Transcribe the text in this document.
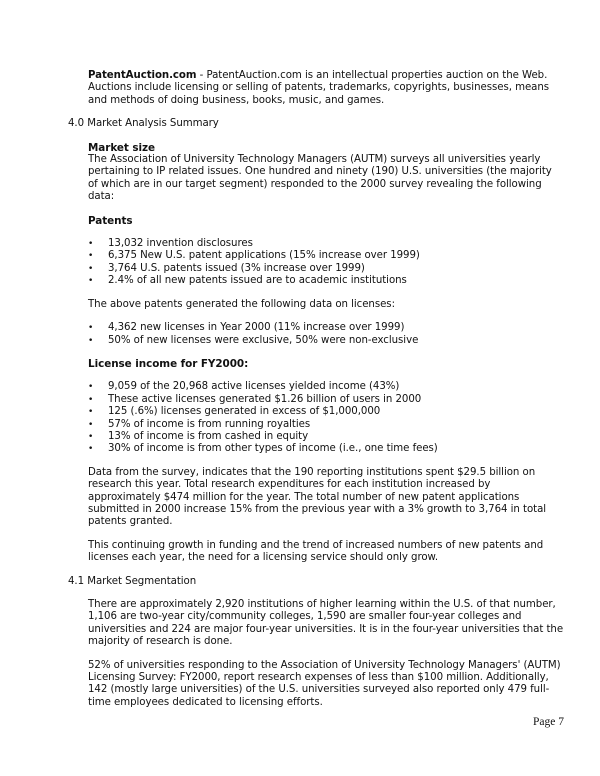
PatentAuction.com - PatentAuction.com is an intellectual properties auction on the Web. Auctions include licensing or selling of patents, trademarks, copyrights, businesses, means and methods of doing business, books, music, and games.

4.0 Market Analysis Summary

Market size

The Association of University Technology Managers (AUTM) surveys all universities yearly pertaining to IP related issues. One hundred and ninety (190) U.S. universities (the majority of which are in our target segment) responded to the 2000 survey revealing the following data:

Patents

• 13,032 invention disclosures
• 6,375 New U.S. patent applications (15% increase over 1999)
• 3,764 U.S. patents issued (3% increase over 1999)
• 2.4% of all new patents issued are to academic institutions

The above patents generated the following data on licenses:

• 4,362 new licenses in Year 2000 (11% increase over 1999)
• 50% of new licenses were exclusive, 50% were non-exclusive

License income for FY2000:

• 9,059 of the 20,968 active licenses yielded income (43%)
• These active licenses generated $1.26 billion of users in 2000
• 125 (.6%) licenses generated in excess of $1,000,000
• 57% of income is from running royalties
• 13% of income is from cashed in equity
• 30% of income is from other types of income (i.e., one time fees)

Data from the survey, indicates that the 190 reporting institutions spent $29.5 billion on research this year. Total research expenditures for each institution increased by approximately $474 million for the year. The total number of new patent applications submitted in 2000 increase 15% from the previous year with a 3% growth to 3,764 in total patents granted.

This continuing growth in funding and the trend of increased numbers of new patents and licenses each year, the need for a licensing service should only grow.

4.1 Market Segmentation

There are approximately 2,920 institutions of higher learning within the U.S. of that number, 1,106 are two-year city/community colleges, 1,590 are smaller four-year colleges and universities and 224 are major four-year universities. It is in the four-year universities that the majority of research is done.

52% of universities responding to the Association of University Technology Managers' (AUTM) Licensing Survey: FY2000, report research expenses of less than $100 million. Additionally, 142 (mostly large universities) of the U.S. universities surveyed also reported only 479 full-time employees dedicated to licensing efforts.

Page 7
